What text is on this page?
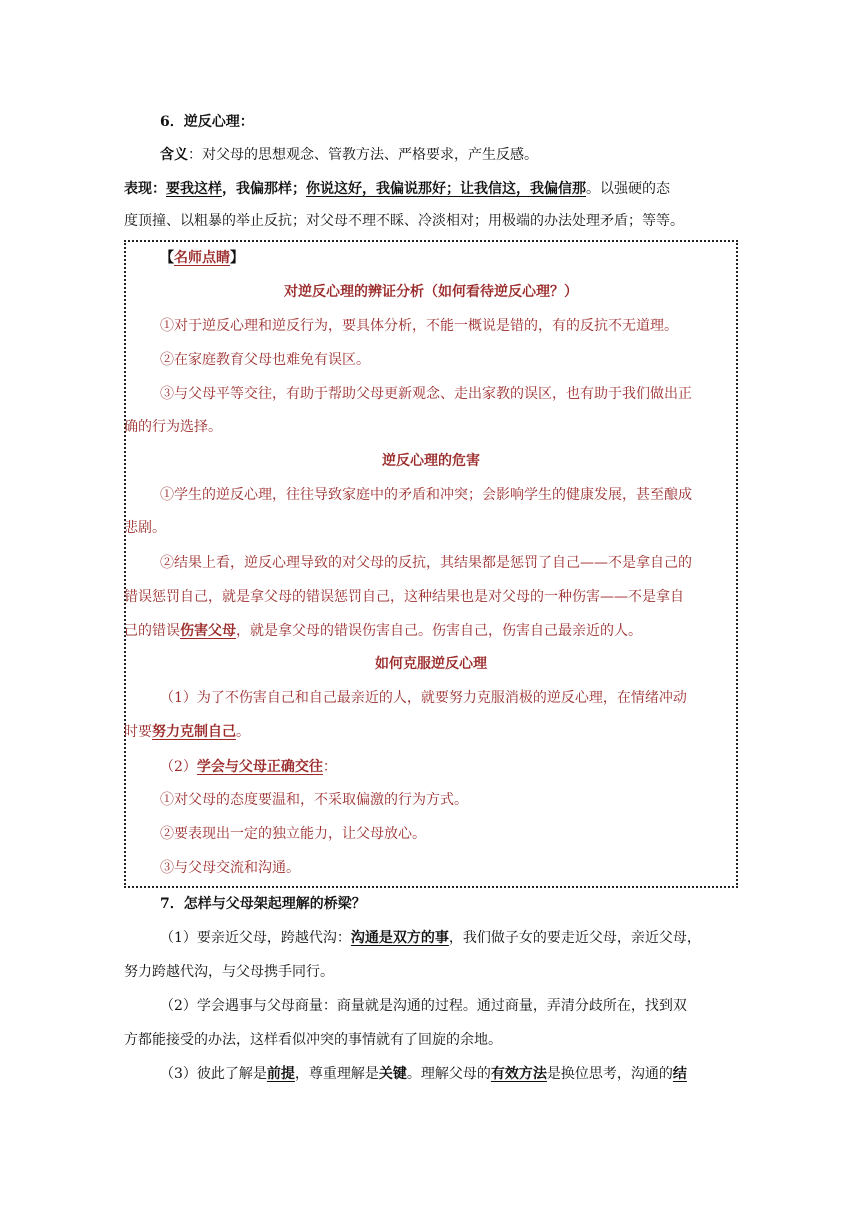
6．逆反心理：
含义：对父母的思想观念、管教方法、严格要求，产生反感。
表现：要我这样，我偏那样；你说这好，我偏说那好；让我信这，我偏信那。以强硬的态
度顶撞、以粗暴的举止反抗；对父母不理不睬、冷淡相对；用极端的办法处理矛盾；等等。
【名师点睛】
对逆反心理的辨证分析（如何看待逆反心理？）
①对于逆反心理和逆反行为，要具体分析，不能一概说是错的，有的反抗不无道理。
②在家庭教育父母也难免有误区。
③与父母平等交往，有助于帮助父母更新观念、走出家教的误区，也有助于我们做出正
确的行为选择。
逆反心理的危害
①学生的逆反心理，往往导致家庭中的矛盾和冲突；会影响学生的健康发展，甚至酿成
悲剧。
②结果上看，逆反心理导致的对父母的反抗，其结果都是惩罚了自己——不是拿自己的
错误惩罚自己，就是拿父母的错误惩罚自己，这种结果也是对父母的一种伤害——不是拿自
己的错误伤害父母，就是拿父母的错误伤害自己。伤害自己，伤害自己最亲近的人。
如何克服逆反心理
（1）为了不伤害自己和自己最亲近的人，就要努力克服消极的逆反心理，在情绪冲动
时要努力克制自己。
（2）学会与父母正确交往：
①对父母的态度要温和，不采取偏激的行为方式。
②要表现出一定的独立能力，让父母放心。
③与父母交流和沟通。
7．怎样与父母架起理解的桥梁？
（1）要亲近父母，跨越代沟：沟通是双方的事，我们做子女的要走近父母，亲近父母，
努力跨越代沟，与父母携手同行。
（2）学会遇事与父母商量：商量就是沟通的过程。通过商量，弄清分歧所在，找到双
方都能接受的办法，这样看似冲突的事情就有了回旋的余地。
（3）彼此了解是前提，尊重理解是关键。理解父母的有效方法是换位思考，沟通的结
